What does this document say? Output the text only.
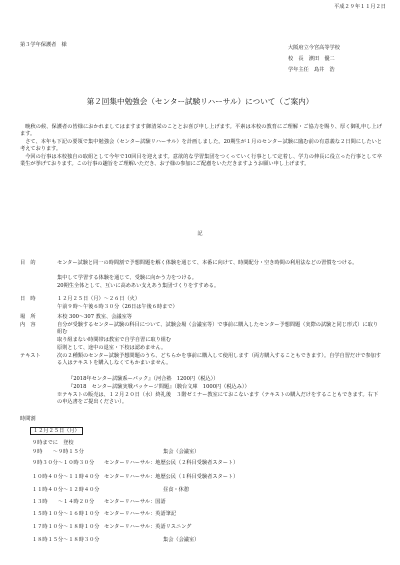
平成２９年１１月２日
第３学年保護者　様	大阪府立今宮高等学校
校　長　濱田　優二
学年主任　島井　浩
第２回集中勉強会（センター試験リハーサル）について（ご案内）

晩秋の候、保護者の皆様におかれましてはますます御清栄のこととお喜び申し上げます。平素は本校の教育にご理解・ご協力を賜り、厚く御礼申し上げます。

さて、本年も下記の要領で集中勉強会（センター試験リハーサル）を計画しました。20期生が１月のセンター試験に臨む前の有意義な２日間にしたいと考えております。

今回の行事は本校独自の取組として今年で10回目を迎えます。意欲的な学習集団をつくっていく行事として定着し、学力の伸長に役立った行事として卒業生が挙げております。この行事の趣旨をご理解いただき、お子様の参加にご配慮をいただきますようお願い申し上げます。

記
目　的	センター試験と同一の時間割で予想問題を解く体験を通じて、本番に向けて、時間配分・空き時間の利用法などの習慣をつける。
集中して学習する体験を通じて、受験に向かう力をつける。
20期生全体として、互いに高めあい支えあう集団づくりをすすめる。
日　時	１２月２５日（月）〜２６日（火）
午前９時〜午後６時３０分（26日は午後６時まで）
場　所	本校 300〜307 教室、会議室等
内　容	自分が受験するセンター試験の科目について、試験会場（会議室等）で事前に購入したセンター予想問題（実際の試験と同じ形式）に取り組む
取り組まない時間帯は教室で自学自習に取り組む
原則として、途中の退室・下校は認めません。
テキスト	次の２種類のセンター試験予想問題のうち、どちらかを事前に購入して使用します（両方購入することもできます）。自学自習だけで参加する人はテキストを購入しなくてもかまいません。
『2018年センター試験系ーパック』（河合塾　1200円（税込））
『2018　センター試験実戦パッケージ問題』（駿台文庫　1000円（税込み））
※テキストの販売は、１２月２０日（水）終礼後　３階ゼミナー教室にておこないます（テキストの購入だけをすることもできます。右下の申込書をご提出ください）。
時間割
１２月２５日（月）
９時までに　登校
９時　　〜９時１５分	集会（会議室）
９時３０分〜１０時３０分 センターリハーサル：地歴公民（２科目受験者スタート）
１０時４０分〜１１時４０分 センターリハーサル：地歴公民（１科目受験者スタート）
１１時４０分〜１２時４０分	昼食・休憩
１３時　　〜１４時２０分 センターリハーサル：国語
１５時１０分〜１６時１０分 センターリハーサル：英語筆記
１７時１０分〜１８時１０分 センターリハーサル：英語リスニング
１８時１５分〜１８時３０分	集会（会議室）
